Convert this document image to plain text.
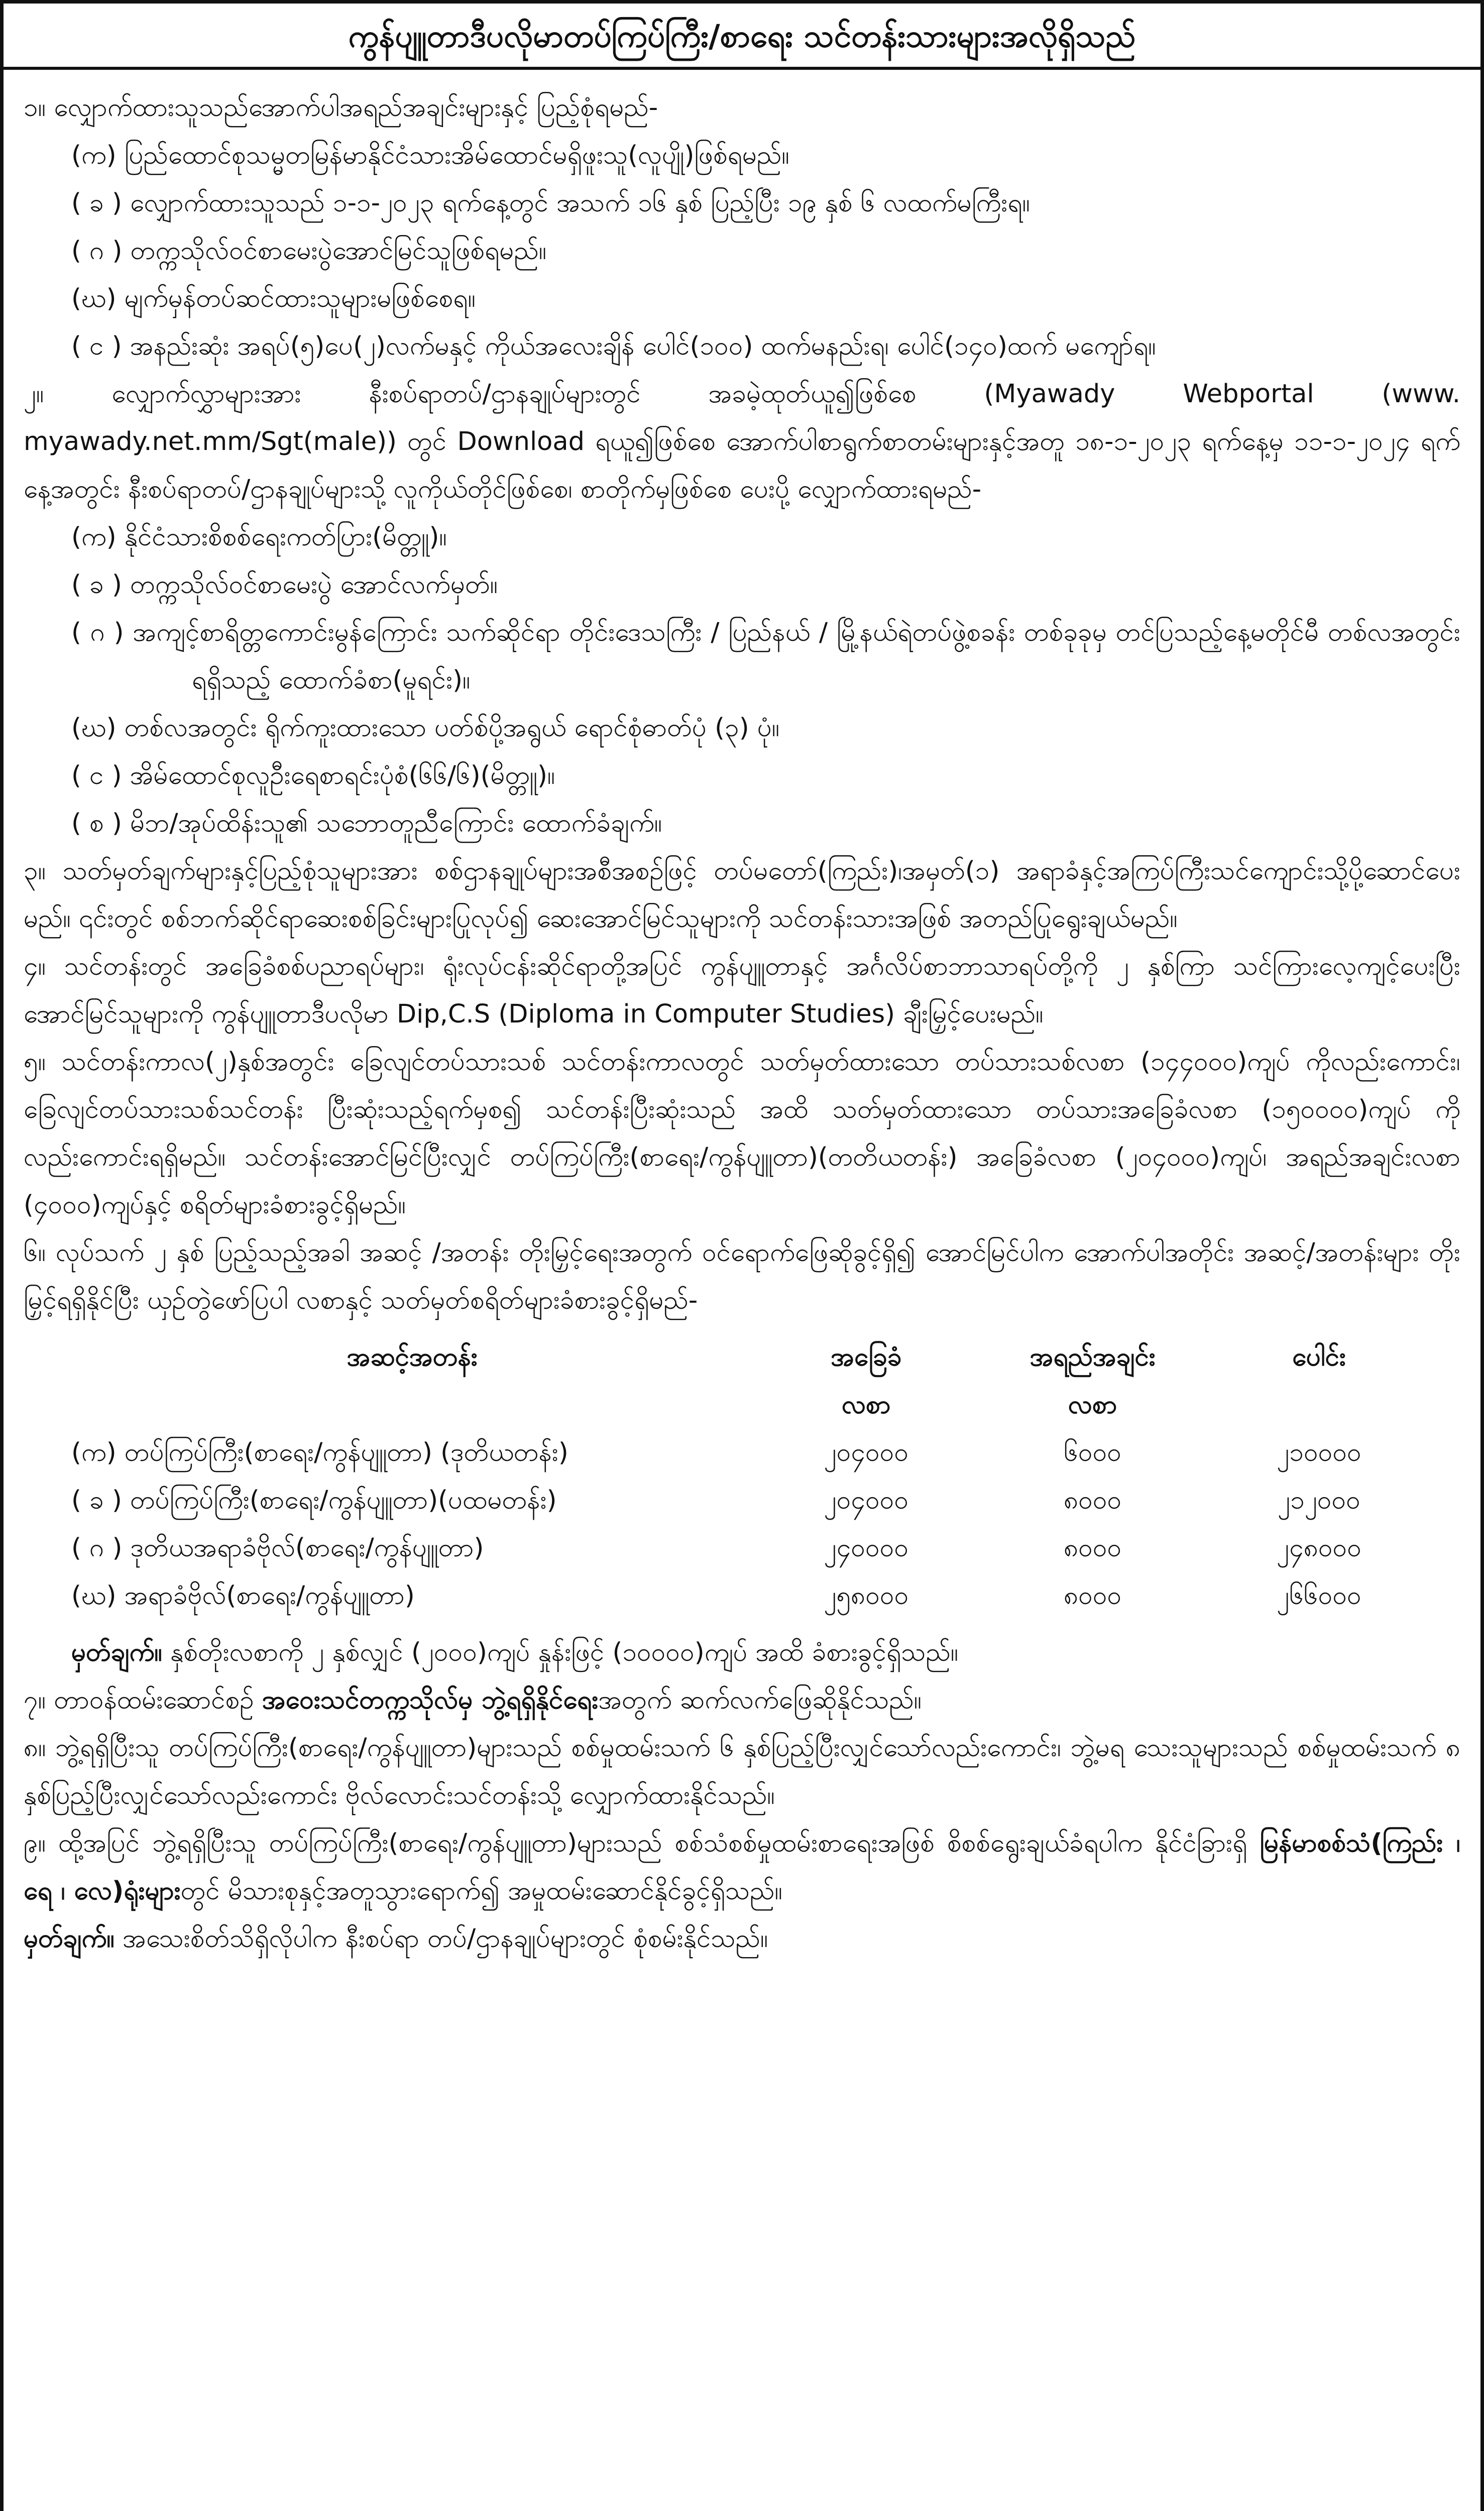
ကွန်ပျူတာဒီပလိုမာတပ်ကြပ်ကြီး/စာရေး သင်တန်းသားများအလိုရှိသည်

၁။ လျှောက်ထားသူသည်အောက်ပါအရည်အချင်းများနှင့် ပြည့်စုံရမည်-

(က) ပြည်ထောင်စုသမ္မတမြန်မာနိုင်ငံသားအိမ်ထောင်မရှိဖူးသူ(လူပျို)ဖြစ်ရမည်။

( ခ ) လျှောက်ထားသူသည် ၁-၁-၂၀၂၃ ရက်နေ့တွင် အသက် ၁၆ နှစ် ပြည့်ပြီး ၁၉ နှစ် ၆ လထက်မကြီးရ။

( ဂ ) တက္ကသိုလ်ဝင်စာမေးပွဲအောင်မြင်သူဖြစ်ရမည်။

(ဃ) မျက်မှန်တပ်ဆင်ထားသူများမဖြစ်စေရ။

( င ) အနည်းဆုံး အရပ်(၅)ပေ(၂)လက်မနှင့် ကိုယ်အလေးချိန် ပေါင်(၁၀၀) ထက်မနည်းရ၊ ပေါင်(၁၄၀)ထက် မကျော်ရ။

၂။ လျှောက်လွှာများအား နီးစပ်ရာတပ်/ဌာနချုပ်များတွင် အခမဲ့ထုတ်ယူ၍ဖြစ်စေ (Myawady Webportal (www. myawady.net.mm/Sgt(male)) တွင် Download ရယူ၍ဖြစ်စေ အောက်ပါစာရွက်စာတမ်းများနှင့်အတူ ၁၈-၁-၂၀၂၃ ရက်နေ့မှ ၁၁-၁-၂၀၂၄ ရက်နေ့အတွင်း နီးစပ်ရာတပ်/ဌာနချုပ်များသို့ လူကိုယ်တိုင်ဖြစ်စေ၊ စာတိုက်မှဖြစ်စေ ပေးပို့ လျှောက်ထားရမည်-

(က) နိုင်ငံသားစိစစ်ရေးကတ်ပြား(မိတ္တူ)။

( ခ ) တက္ကသိုလ်ဝင်စာမေးပွဲ အောင်လက်မှတ်။

( ဂ ) အကျင့်စာရိတ္တကောင်းမွန်ကြောင်း သက်ဆိုင်ရာ တိုင်းဒေသကြီး / ပြည်နယ် / မြို့နယ်ရဲတပ်ဖွဲ့စခန်း တစ်ခုခုမှ တင်ပြသည့်နေ့မတိုင်မီ တစ်လအတွင်းရရှိသည့် ထောက်ခံစာ(မူရင်း)။

(ဃ) တစ်လအတွင်း ရိုက်ကူးထားသော ပတ်စ်ပို့အရွယ် ရောင်စုံဓာတ်ပုံ (၃) ပုံ။

( င ) အိမ်ထောင်စုလူဦးရေစာရင်းပုံစံ(၆၆/၆)(မိတ္တူ)။

( စ ) မိဘ/အုပ်ထိန်းသူ၏ သဘောတူညီကြောင်း ထောက်ခံချက်။

၃။ သတ်မှတ်ချက်များနှင့်ပြည့်စုံသူများအား စစ်ဌာနချုပ်များအစီအစဉ်ဖြင့် တပ်မတော်(ကြည်း)၊အမှတ်(၁) အရာခံနှင့်အကြပ်ကြီးသင်ကျောင်းသို့ပို့ဆောင်ပေးမည်။ ၎င်းတွင် စစ်ဘက်ဆိုင်ရာဆေးစစ်ခြင်းများပြုလုပ်၍ ဆေးအောင်မြင်သူများကို သင်တန်းသားအဖြစ် အတည်ပြုရွေးချယ်မည်။

၄။ သင်တန်းတွင် အခြေခံစစ်ပညာရပ်များ၊ ရုံးလုပ်ငန်းဆိုင်ရာတို့အပြင် ကွန်ပျူတာနှင့် အင်္ဂလိပ်စာဘာသာရပ်တို့ကို ၂ နှစ်ကြာ သင်ကြားလေ့ကျင့်ပေးပြီး အောင်မြင်သူများကို ကွန်ပျူတာဒီပလိုမာ Dip,C.S (Diploma in Computer Studies) ချီးမြှင့်ပေးမည်။

၅။ သင်တန်းကာလ(၂)နှစ်အတွင်း ခြေလျင်တပ်သားသစ် သင်တန်းကာလတွင် သတ်မှတ်ထားသော တပ်သားသစ်လစာ (၁၄၄၀၀၀)ကျပ် ကိုလည်းကောင်း၊ ခြေလျင်တပ်သားသစ်သင်တန်း ပြီးဆုံးသည့်ရက်မှစ၍ သင်တန်းပြီးဆုံးသည် အထိ သတ်မှတ်ထားသော တပ်သားအခြေခံလစာ (၁၅၀၀၀၀)ကျပ် ကိုလည်းကောင်းရရှိမည်။ သင်တန်းအောင်မြင်ပြီးလျှင် တပ်ကြပ်ကြီး(စာရေး/ကွန်ပျူတာ)(တတိယတန်း) အခြေခံလစာ (၂၀၄၀၀၀)ကျပ်၊ အရည်အချင်းလစာ (၄၀၀၀)ကျပ်နှင့် စရိတ်များခံစားခွင့်ရှိမည်။

၆။ လုပ်သက် ၂ နှစ် ပြည့်သည့်အခါ အဆင့် /အတန်း တိုးမြှင့်ရေးအတွက် ဝင်ရောက်ဖြေဆိုခွင့်ရှိ၍ အောင်မြင်ပါက အောက်ပါအတိုင်း အဆင့်/အတန်းများ တိုးမြှင့်ရရှိနိုင်ပြီး ယှဉ်တွဲဖော်ပြပါ လစာနှင့် သတ်မှတ်စရိတ်များခံစားခွင့်ရှိမည်-

အဆင့်အတန်း	အခြေခံ	အရည်အချင်း	ပေါင်း
	လစာ	လစာ	
(က) တပ်ကြပ်ကြီး(စာရေး/ကွန်ပျူတာ) (ဒုတိယတန်း)	၂၀၄၀၀၀	၆၀၀၀	၂၁၀၀၀၀
( ခ ) တပ်ကြပ်ကြီး(စာရေး/ကွန်ပျူတာ)(ပထမတန်း)	၂၀၄၀၀၀	၈၀၀၀	၂၁၂၀၀၀
( ဂ ) ဒုတိယအရာခံဗိုလ်(စာရေး/ကွန်ပျူတာ)	၂၄၀၀၀၀	၈၀၀၀	၂၄၈၀၀၀
(ဃ) အရာခံဗိုလ်(စာရေး/ကွန်ပျူတာ)	၂၅၈၀၀၀	၈၀၀၀	၂၆၆၀၀၀

မှတ်ချက်။ နှစ်တိုးလစာကို ၂ နှစ်လျှင် (၂၀၀၀)ကျပ် နှုန်းဖြင့် (၁၀၀၀၀)ကျပ် အထိ ခံစားခွင့်ရှိသည်။

၇။ တာဝန်ထမ်းဆောင်စဉ် အဝေးသင်တက္ကသိုလ်မှ ဘွဲ့ရရှိနိုင်ရေးအတွက် ဆက်လက်ဖြေဆိုနိုင်သည်။

၈။ ဘွဲ့ရရှိပြီးသူ တပ်ကြပ်ကြီး(စာရေး/ကွန်ပျူတာ)များသည် စစ်မှုထမ်းသက် ၆ နှစ်ပြည့်ပြီးလျှင်သော်လည်းကောင်း၊ ဘွဲ့မရ သေးသူများသည် စစ်မှုထမ်းသက် ၈ နှစ်ပြည့်ပြီးလျှင်သော်လည်းကောင်း ဗိုလ်လောင်းသင်တန်းသို့ လျှောက်ထားနိုင်သည်။

၉။ ထို့အပြင် ဘွဲ့ရရှိပြီးသူ တပ်ကြပ်ကြီး(စာရေး/ကွန်ပျူတာ)များသည် စစ်သံစစ်မှုထမ်းစာရေးအဖြစ် စိစစ်ရွေးချယ်ခံရပါက နိုင်ငံခြားရှိ မြန်မာစစ်သံ(ကြည်း ၊ ရေ ၊ လေ)ရုံးများတွင် မိသားစုနှင့်အတူသွားရောက်၍ အမှုထမ်းဆောင်နိုင်ခွင့်ရှိသည်။

မှတ်ချက်။ အသေးစိတ်သိရှိလိုပါက နီးစပ်ရာ တပ်/ဌာနချုပ်များတွင် စုံစမ်းနိုင်သည်။
